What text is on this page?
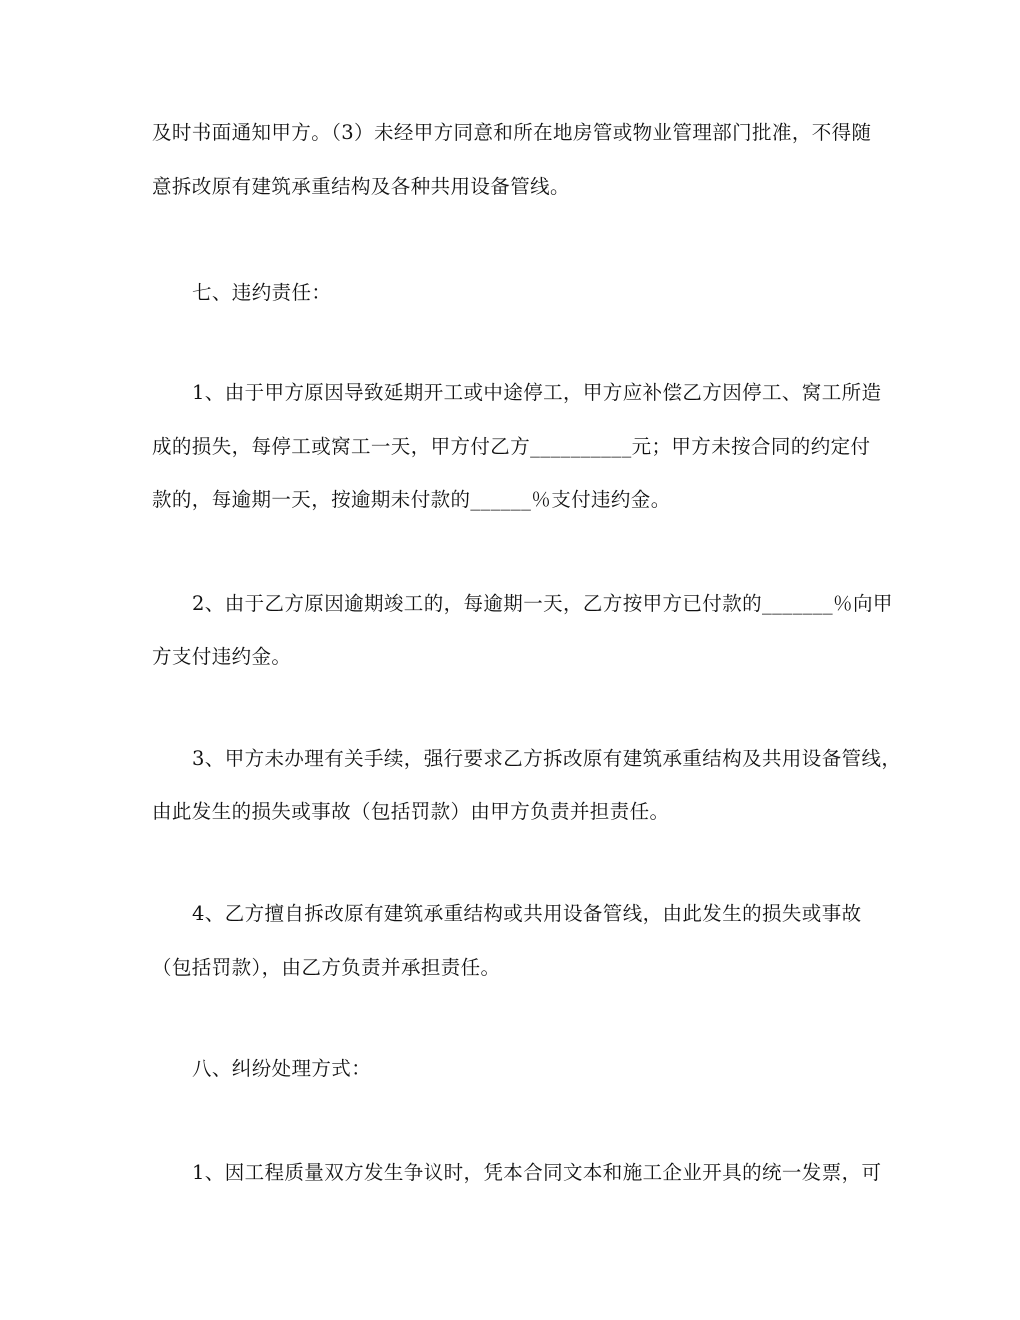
及时书面通知甲方。（3）未经甲方同意和所在地房管或物业管理部门批准，不得随
意拆改原有建筑承重结构及各种共用设备管线。
七、违约责任：
1、由于甲方原因导致延期开工或中途停工，甲方应补偿乙方因停工、窝工所造
成的损失，每停工或窝工一天，甲方付乙方__________元；甲方未按合同的约定付
款的，每逾期一天，按逾期未付款的______％支付违约金。
2、由于乙方原因逾期竣工的，每逾期一天，乙方按甲方已付款的_______％向甲
方支付违约金。
3、甲方未办理有关手续，强行要求乙方拆改原有建筑承重结构及共用设备管线，
由此发生的损失或事故（包括罚款）由甲方负责并担责任。
4、乙方擅自拆改原有建筑承重结构或共用设备管线，由此发生的损失或事故
（包括罚款），由乙方负责并承担责任。
八、纠纷处理方式：
1、因工程质量双方发生争议时，凭本合同文本和施工企业开具的统一发票，可
